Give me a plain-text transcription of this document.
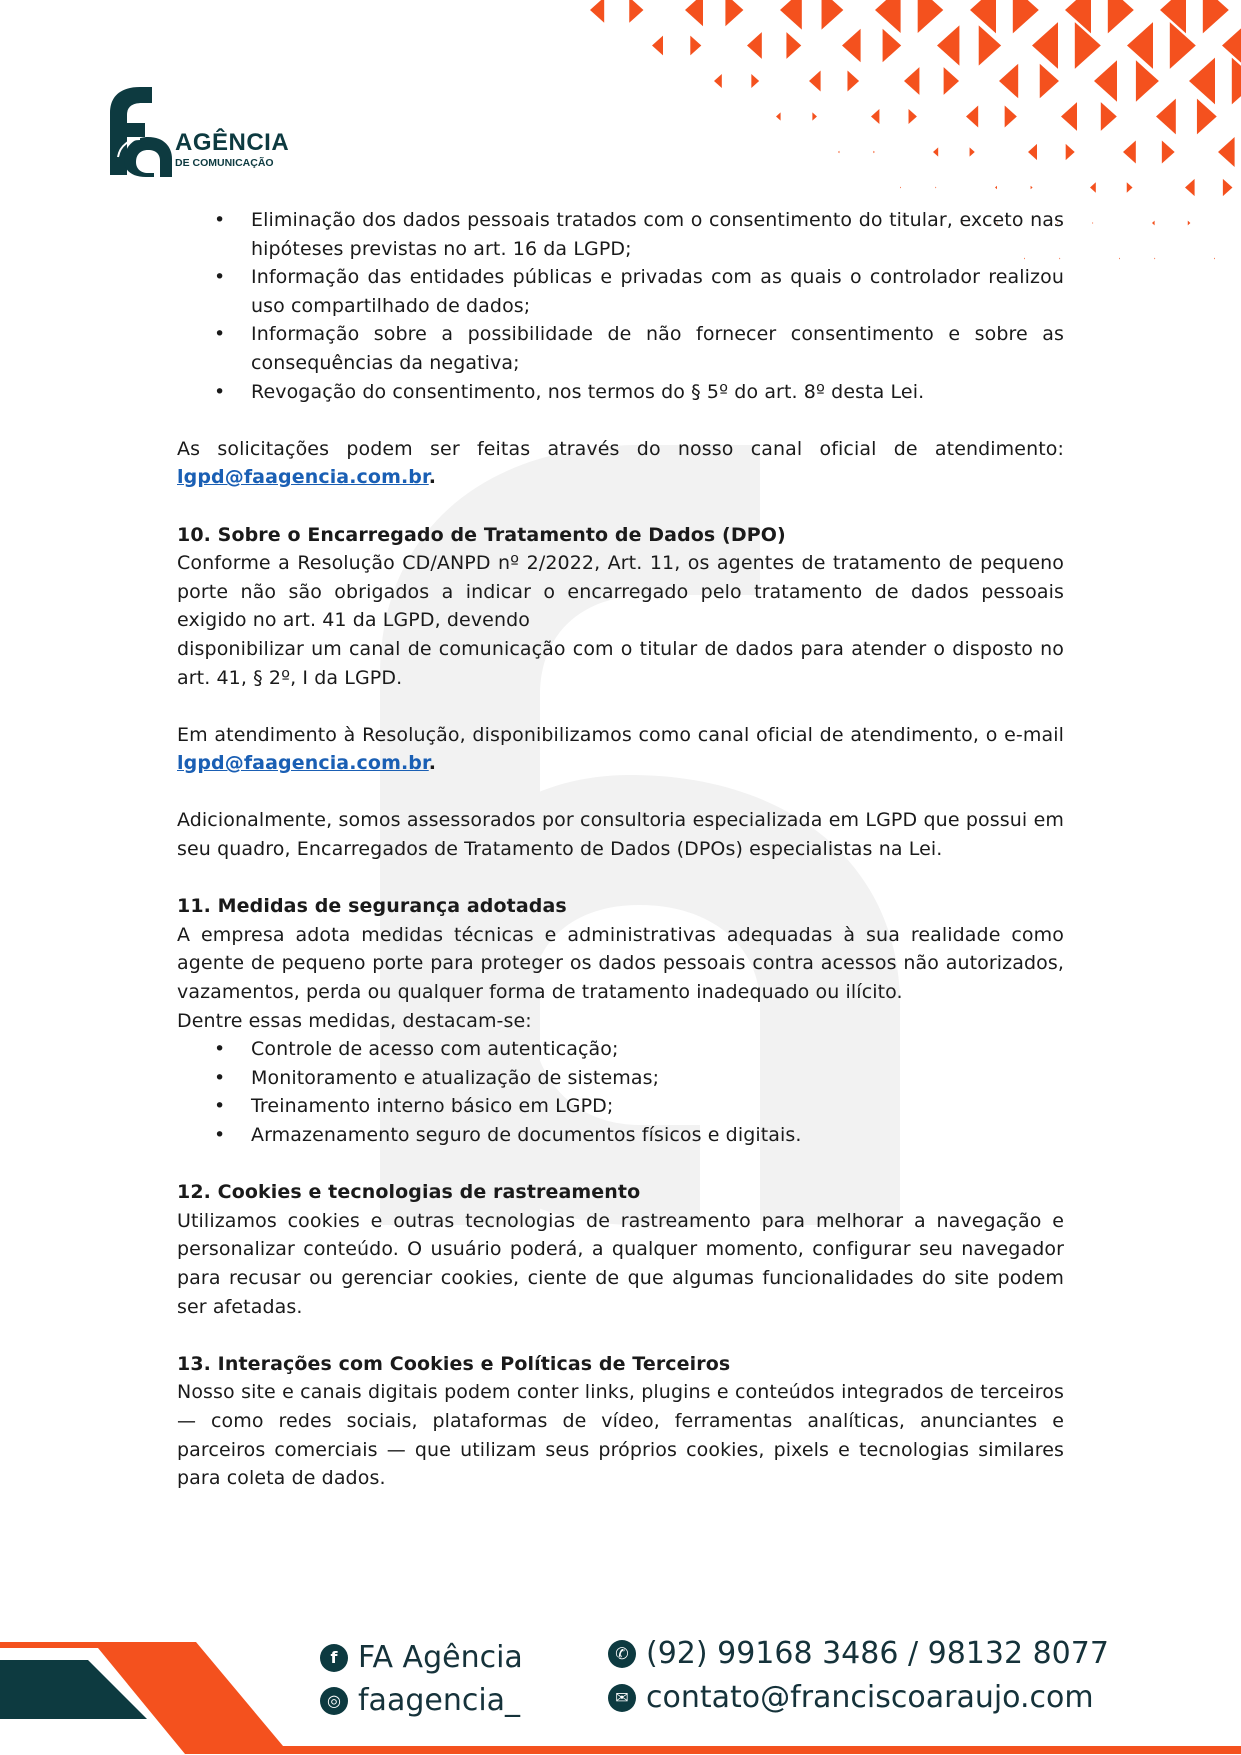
fa
AGÊNCIA
DE COMUNICAÇÃO
• Eliminação dos dados pessoais tratados com o consentimento do titular, exceto nas hipóteses previstas no art. 16 da LGPD;
• Informação das entidades públicas e privadas com as quais o controlador realizou uso compartilhado de dados;
• Informação sobre a possibilidade de não fornecer consentimento e sobre as consequências da negativa;
• Revogação do consentimento, nos termos do § 5º do art. 8º desta Lei.

As solicitações podem ser feitas através do nosso canal oficial de atendimento: lgpd@faagencia.com.br.

10. Sobre o Encarregado de Tratamento de Dados (DPO)

Conforme a Resolução CD/ANPD nº 2/2022, Art. 11, os agentes de tratamento de pequeno porte não são obrigados a indicar o encarregado pelo tratamento de dados pessoais exigido no art. 41 da LGPD, devendo

disponibilizar um canal de comunicação com o titular de dados para atender o disposto no art. 41, § 2º, I da LGPD.

Em atendimento à Resolução, disponibilizamos como canal oficial de atendimento, o e-mail lgpd@faagencia.com.br.

Adicionalmente, somos assessorados por consultoria especializada em LGPD que possui em seu quadro, Encarregados de Tratamento de Dados (DPOs) especialistas na Lei.

11. Medidas de segurança adotadas

A empresa adota medidas técnicas e administrativas adequadas à sua realidade como agente de pequeno porte para proteger os dados pessoais contra acessos não autorizados, vazamentos, perda ou qualquer forma de tratamento inadequado ou ilícito.

Dentre essas medidas, destacam-se:

• Controle de acesso com autenticação;
• Monitoramento e atualização de sistemas;
• Treinamento interno básico em LGPD;
• Armazenamento seguro de documentos físicos e digitais.
12. Cookies e tecnologias de rastreamento

Utilizamos cookies e outras tecnologias de rastreamento para melhorar a navegação e personalizar conteúdo. O usuário poderá, a qualquer momento, configurar seu navegador para recusar ou gerenciar cookies, ciente de que algumas funcionalidades do site podem ser afetadas.

13. Interações com Cookies e Políticas de Terceiros

Nosso site e canais digitais podem conter links, plugins e conteúdos integrados de terceiros — como redes sociais, plataformas de vídeo, ferramentas analíticas, anunciantes e parceiros comerciais — que utilizam seus próprios cookies, pixels e tecnologias similares para coleta de dados.

f FA Agência
◎ faagencia_
✆ (92) 99168 3486 / 98132 8077
✉ contato@franciscoaraujo.com
